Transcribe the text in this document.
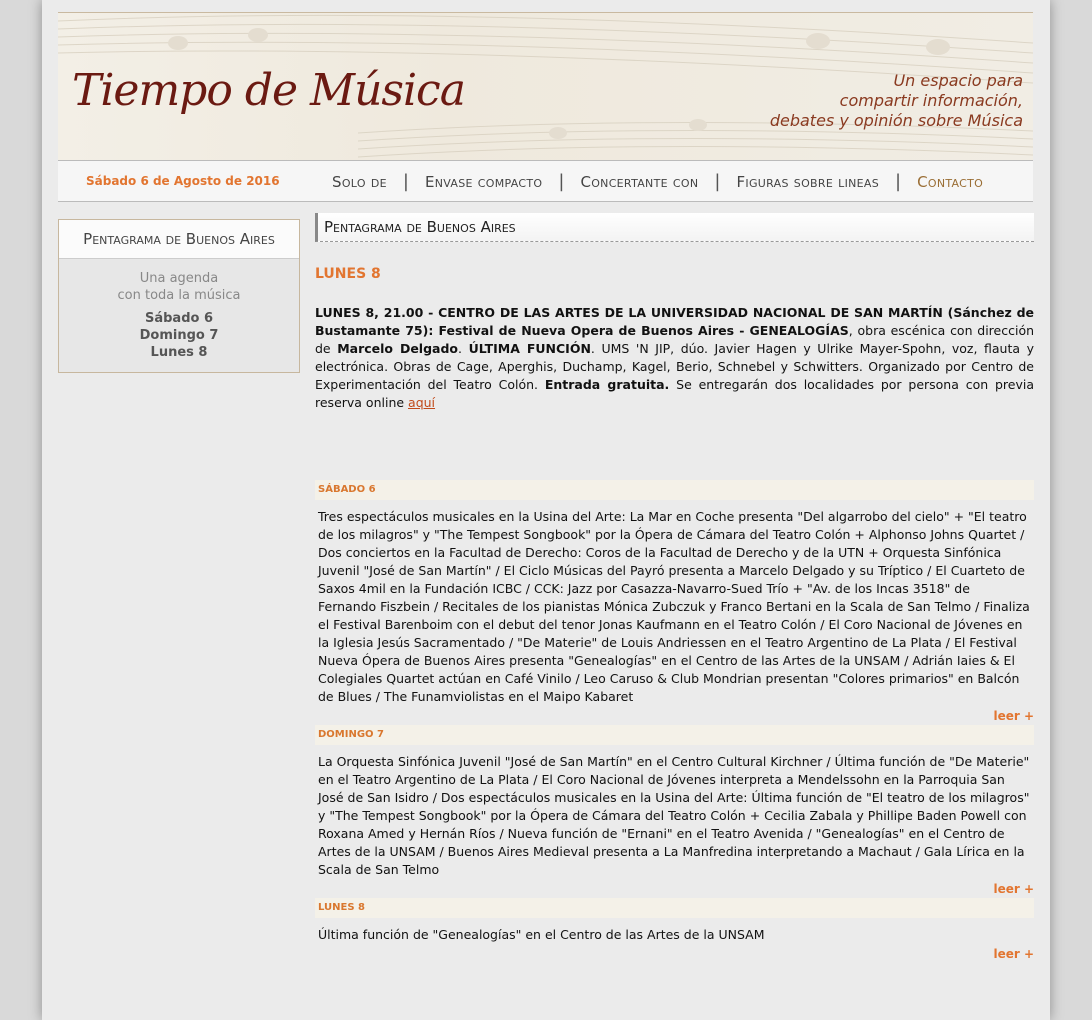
Tiempo de Música	Un espacio para
compartir información,
debates y opinión sobre Música
Sábado 6 de Agosto de 2016	Solo de |	Envase compacto |	Concertante con |	Figuras sobre lineas |	Contacto
Pentagrama de Buenos Aires
Una agenda
con toda la música
Sábado 6
Domingo 7
Lunes 8
Pentagrama de Buenos Aires
LUNES 8
LUNES 8, 21.00 - CENTRO DE LAS ARTES DE LA UNIVERSIDAD NACIONAL DE SAN MARTÍN (Sánchez de Bustamante 75): Festival de Nueva Opera de Buenos Aires - GENEALOGÍAS, obra escénica con dirección de Marcelo Delgado. ÚLTIMA FUNCIÓN. UMS 'N JIP, dúo. Javier Hagen y Ulrike Mayer-Spohn, voz, flauta y electrónica. Obras de Cage, Aperghis, Duchamp, Kagel, Berio, Schnebel y Schwitters. Organizado por Centro de Experimentación del Teatro Colón. Entrada gratuita. Se entregarán dos localidades por persona con previa reserva online aquí
SÁBADO 6
Tres espectáculos musicales en la Usina del Arte: La Mar en Coche presenta "Del algarrobo del cielo" + "El teatro de los milagros" y "The Tempest Songbook" por la Ópera de Cámara del Teatro Colón + Alphonso Johns Quartet / Dos conciertos en la Facultad de Derecho: Coros de la Facultad de Derecho y de la UTN + Orquesta Sinfónica Juvenil "José de San Martín" / El Ciclo Músicas del Payró presenta a Marcelo Delgado y su Tríptico / El Cuarteto de Saxos 4mil en la Fundación ICBC / CCK: Jazz por Casazza-Navarro-Sued Trío + "Av. de los Incas 3518" de Fernando Fiszbein / Recitales de los pianistas Mónica Zubczuk y Franco Bertani en la Scala de San Telmo / Finaliza el Festival Barenboim con el debut del tenor Jonas Kaufmann en el Teatro Colón / El Coro Nacional de Jóvenes en la Iglesia Jesús Sacramentado / "De Materie" de Louis Andriessen en el Teatro Argentino de La Plata / El Festival Nueva Ópera de Buenos Aires presenta "Genealogías" en el Centro de las Artes de la UNSAM / Adrián Iaies & El Colegiales Quartet actúan en Café Vinilo / Leo Caruso & Club Mondrian presentan "Colores primarios" en Balcón de Blues / The Funamviolistas en el Maipo Kabaret
leer +
DOMINGO 7
La Orquesta Sinfónica Juvenil "José de San Martín" en el Centro Cultural Kirchner / Última función de "De Materie" en el Teatro Argentino de La Plata / El Coro Nacional de Jóvenes interpreta a Mendelssohn en la Parroquia San José de San Isidro / Dos espectáculos musicales en la Usina del Arte: Última función de "El teatro de los milagros" y "The Tempest Songbook" por la Ópera de Cámara del Teatro Colón + Cecilia Zabala y Phillipe Baden Powell con Roxana Amed y Hernán Ríos / Nueva función de "Ernani" en el Teatro Avenida / "Genealogías" en el Centro de Artes de la UNSAM / Buenos Aires Medieval presenta a La Manfredina interpretando a Machaut / Gala Lírica en la Scala de San Telmo
leer +
LUNES 8
Última función de "Genealogías" en el Centro de las Artes de la UNSAM
leer +
